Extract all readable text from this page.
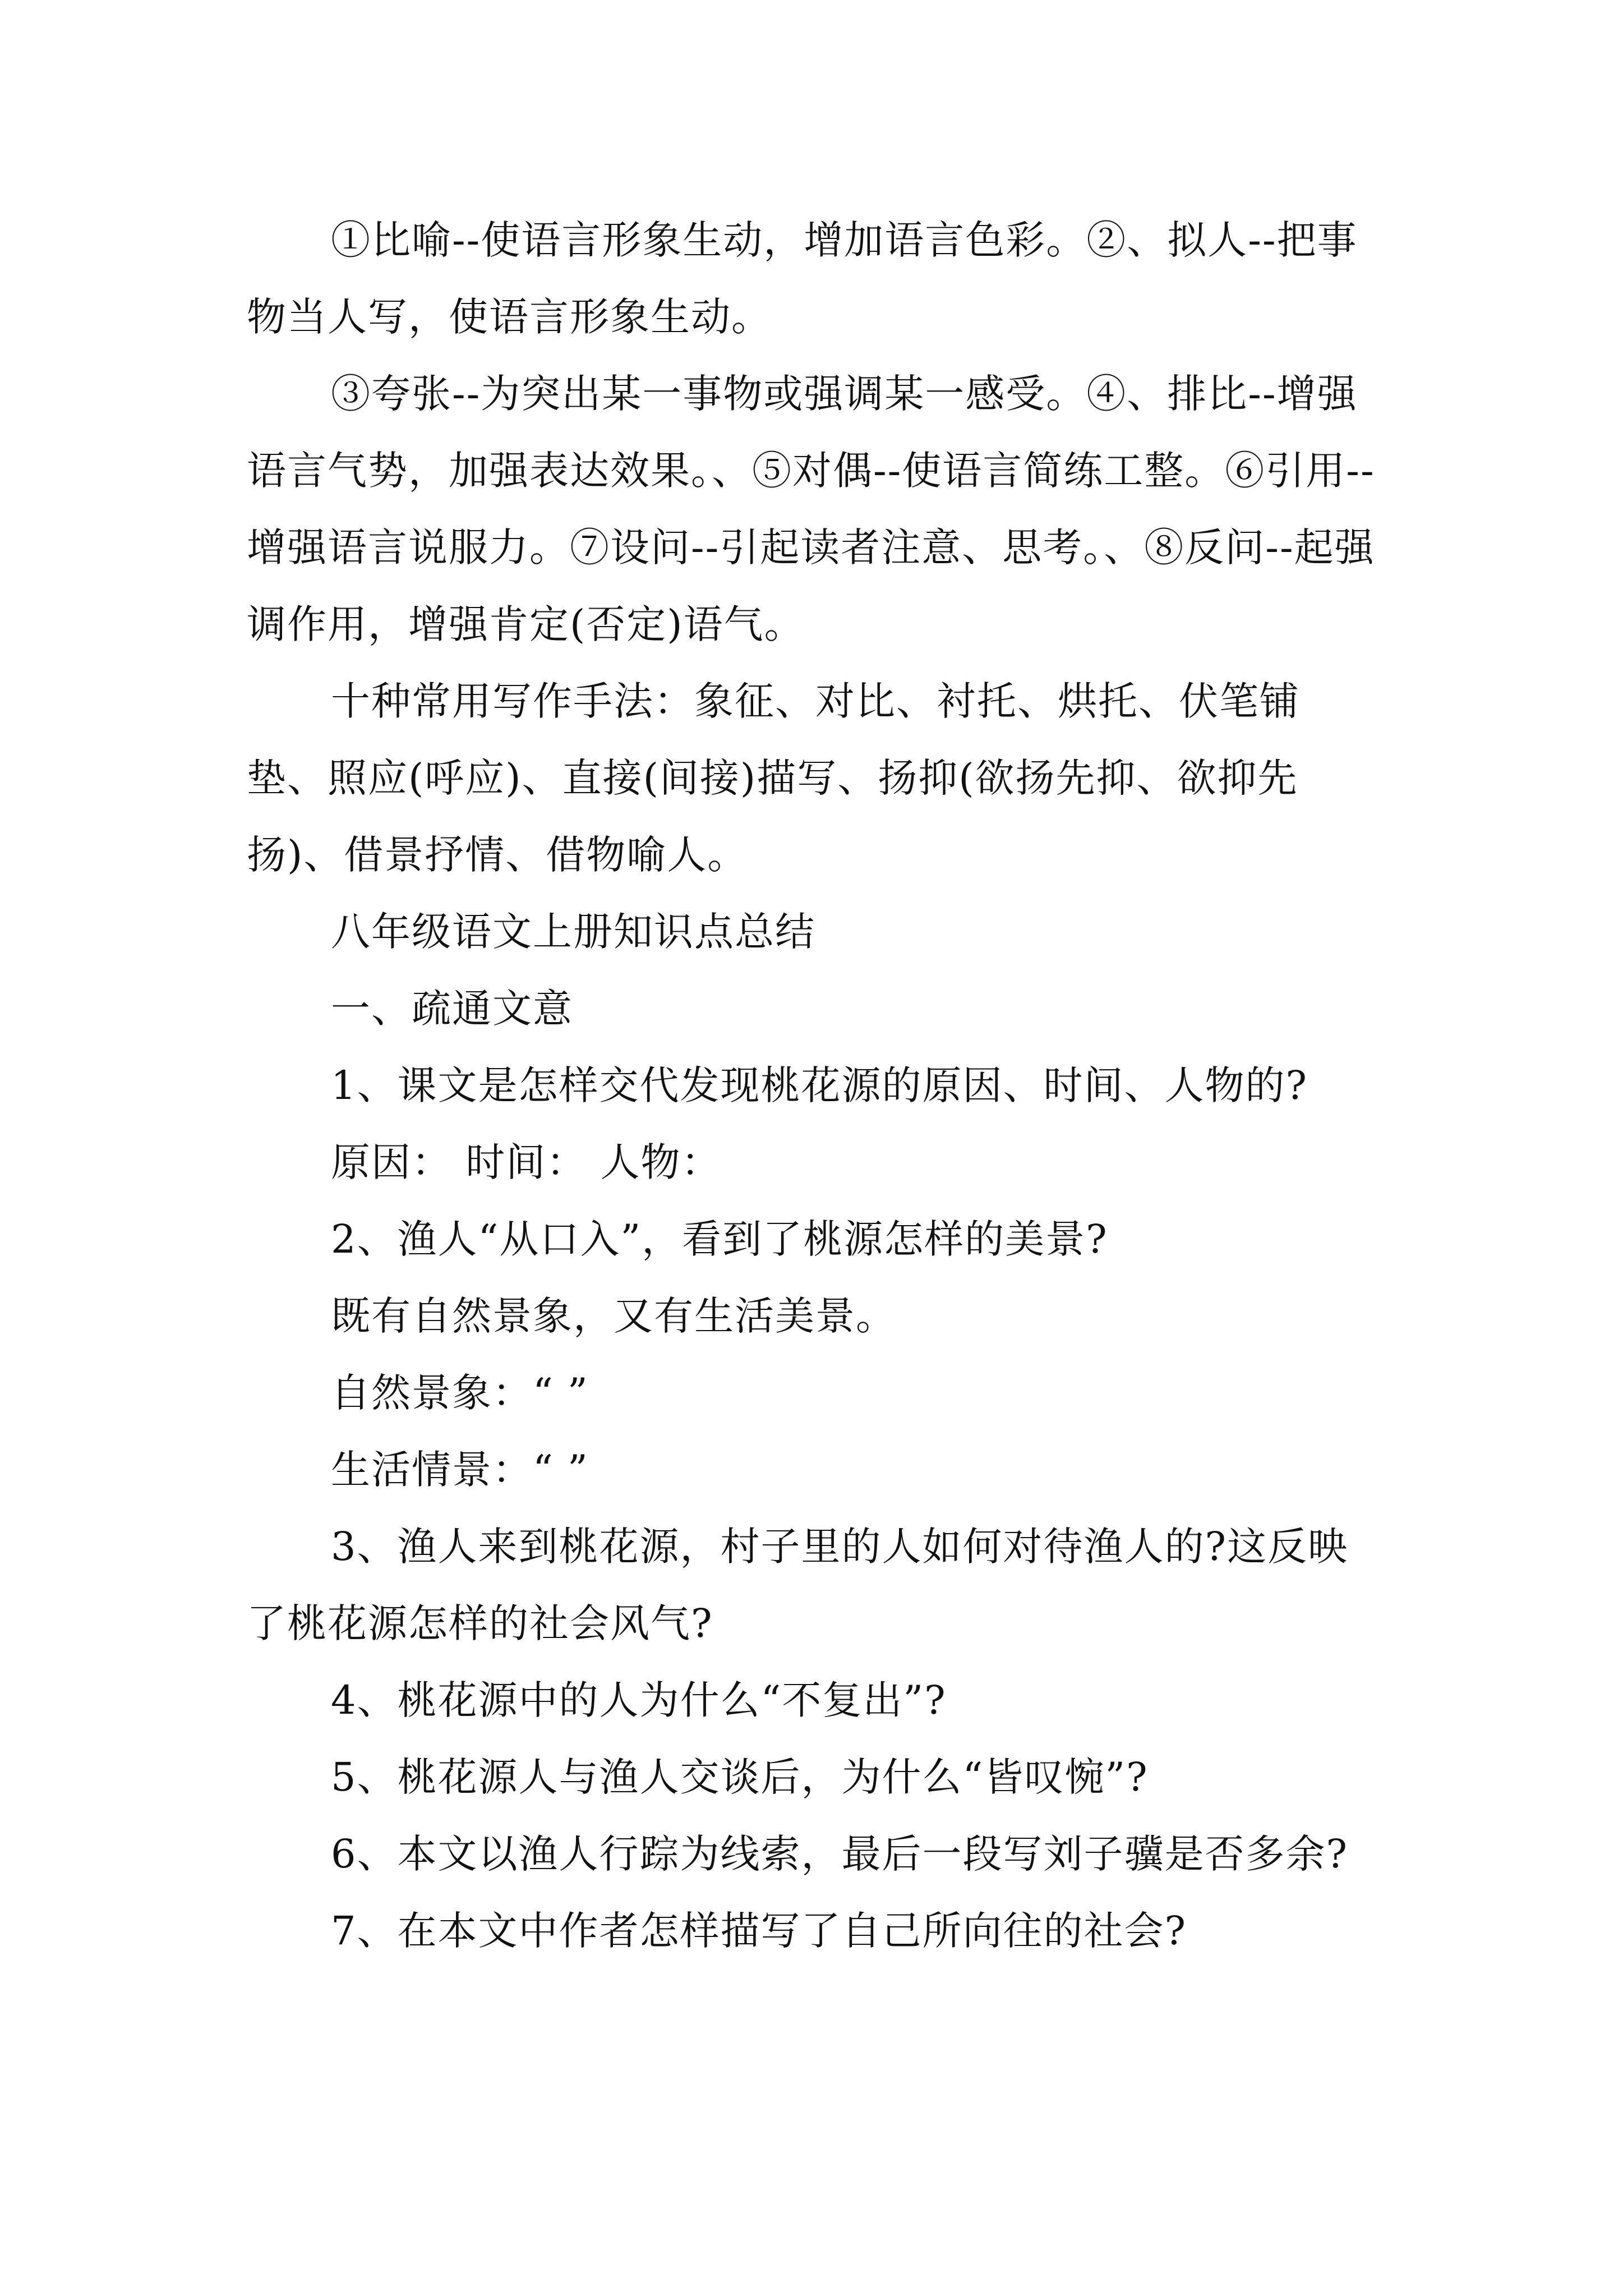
①比喻--使语言形象生动，增加语言色彩。②、拟人--把事物当人写，使语言形象生动。

③夸张--为突出某一事物或强调某一感受。④、排比--增强语言气势，加强表达效果。、⑤对偶--使语言简练工整。⑥引用--增强语言说服力。⑦设问--引起读者注意、思考。、⑧反问--起强调作用，增强肯定(否定)语气。

十种常用写作手法：象征、对比、衬托、烘托、伏笔铺垫、照应(呼应)、直接(间接)描写、扬抑(欲扬先抑、欲抑先扬)、借景抒情、借物喻人。

八年级语文上册知识点总结

一、疏通文意

1、课文是怎样交代发现桃花源的原因、时间、人物的?

原因： 时间： 人物：

2、渔人“从口入”，看到了桃源怎样的美景?

既有自然景象，又有生活美景。

自然景象：“ ”

生活情景：“ ”

3、渔人来到桃花源，村子里的人如何对待渔人的?这反映了桃花源怎样的社会风气?

4、桃花源中的人为什么“不复出”?

5、桃花源人与渔人交谈后，为什么“皆叹惋”?

6、本文以渔人行踪为线索，最后一段写刘子骥是否多余?

7、在本文中作者怎样描写了自己所向往的社会?
